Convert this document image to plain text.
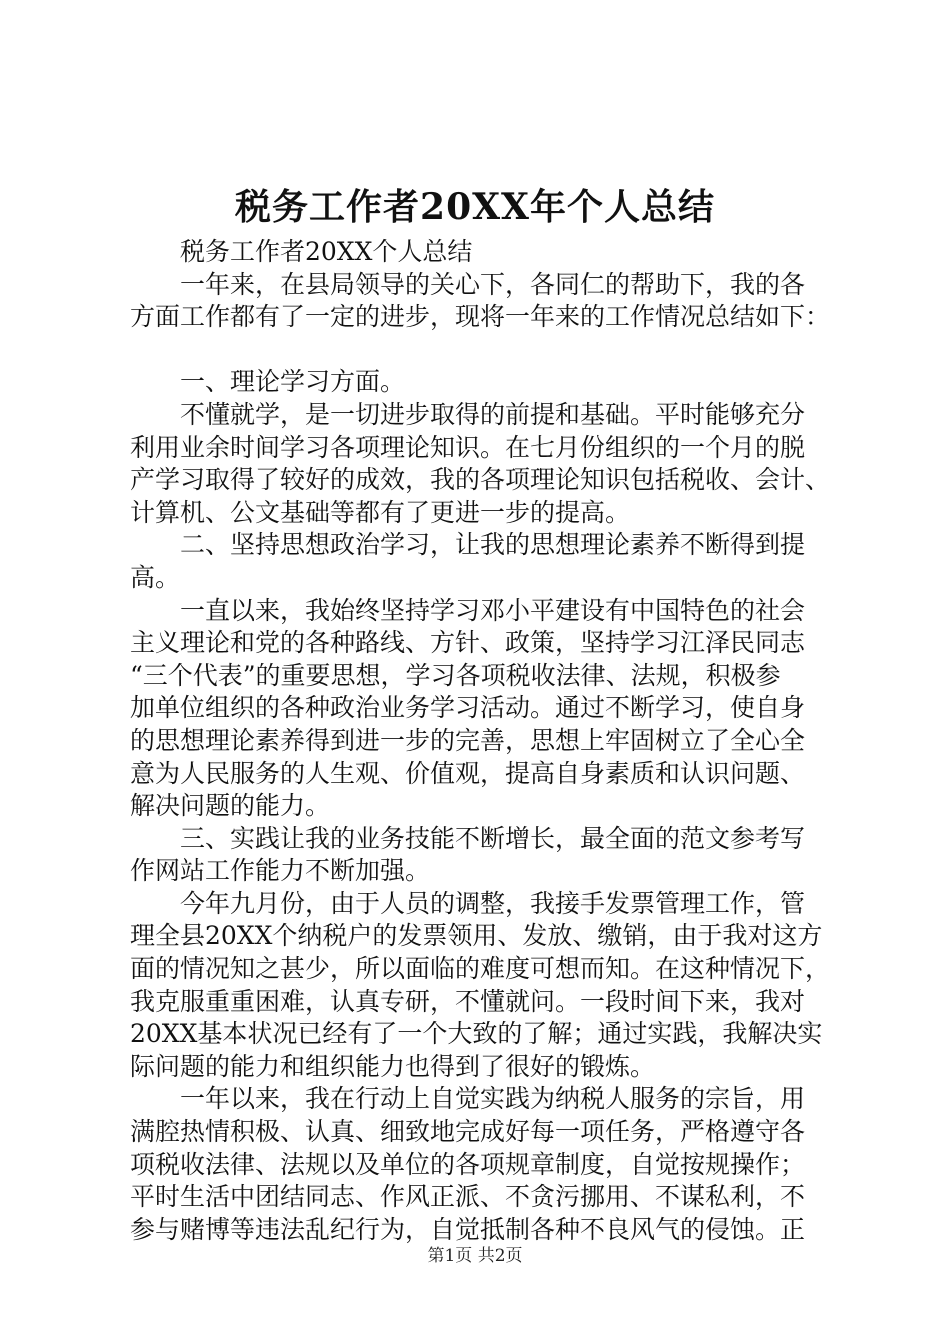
税务工作者20XX年个人总结
税务工作者20XX个人总结
一年来，在县局领导的关心下，各同仁的帮助下，我的各
方面工作都有了一定的进步，现将一年来的工作情况总结如下：
一、理论学习方面。
不懂就学，是一切进步取得的前提和基础。平时能够充分
利用业余时间学习各项理论知识。在七月份组织的一个月的脱
产学习取得了较好的成效，我的各项理论知识包括税收、会计、
计算机、公文基础等都有了更进一步的提高。
二、坚持思想政治学习，让我的思想理论素养不断得到提
高。
一直以来，我始终坚持学习邓小平建设有中国特色的社会
主义理论和党的各种路线、方针、政策，坚持学习江泽民同志
“三个代表”的重要思想，学习各项税收法律、法规，积极参
加单位组织的各种政治业务学习活动。通过不断学习，使自身
的思想理论素养得到进一步的完善，思想上牢固树立了全心全
意为人民服务的人生观、价值观，提高自身素质和认识问题、
解决问题的能力。
三、实践让我的业务技能不断增长，最全面的范文参考写
作网站工作能力不断加强。
今年九月份，由于人员的调整，我接手发票管理工作，管
理全县20XX个纳税户的发票领用、发放、缴销，由于我对这方
面的情况知之甚少，所以面临的难度可想而知。在这种情况下，
我克服重重困难，认真专研，不懂就问。一段时间下来，我对
20XX基本状况已经有了一个大致的了解；通过实践，我解决实
际问题的能力和组织能力也得到了很好的锻炼。
一年以来，我在行动上自觉实践为纳税人服务的宗旨，用
满腔热情积极、认真、细致地完成好每一项任务，严格遵守各
项税收法律、法规以及单位的各项规章制度，自觉按规操作；
平时生活中团结同志、作风正派、不贪污挪用、不谋私利，不
参与赌博等违法乱纪行为，自觉抵制各种不良风气的侵蚀。正
第1页 共2页
